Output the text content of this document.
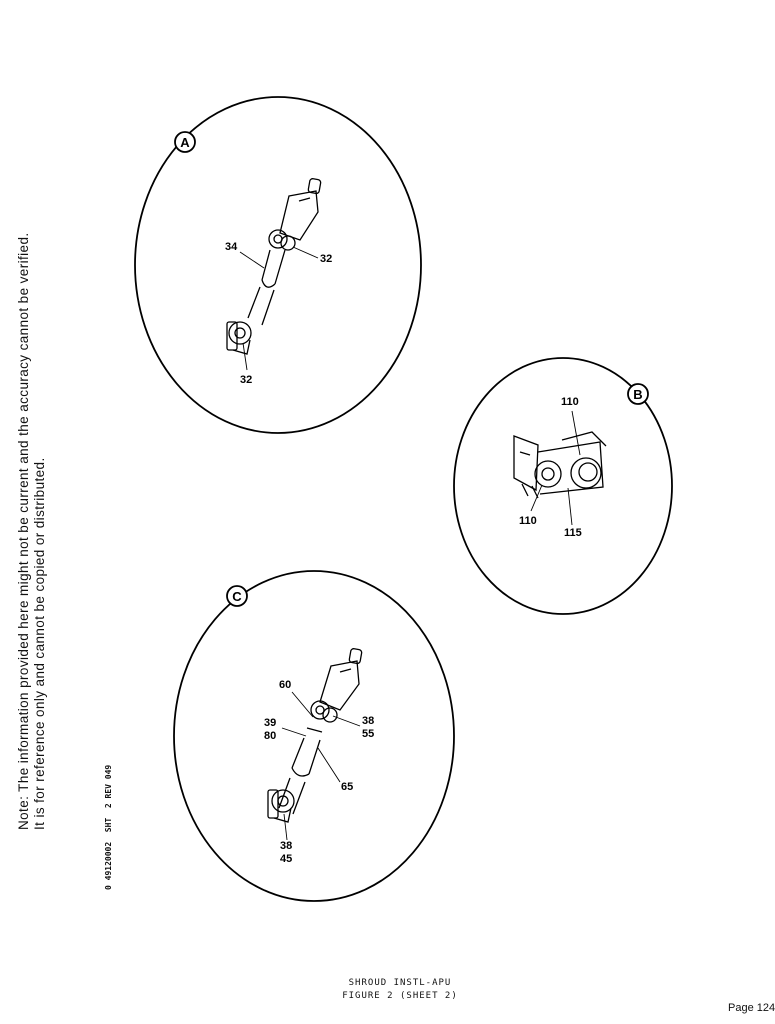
Note: The information provided here might not be current and the accuracy cannot be verified. It is for reference only and cannot be copied or distributed.	0 49120002  SHT  2 REV 049
A
B
C
34
32
32
110
110
115
60
39
80
38
55
65
38
45
SHROUD INSTL-APU
FIGURE 2 (SHEET 2)
Page 124
